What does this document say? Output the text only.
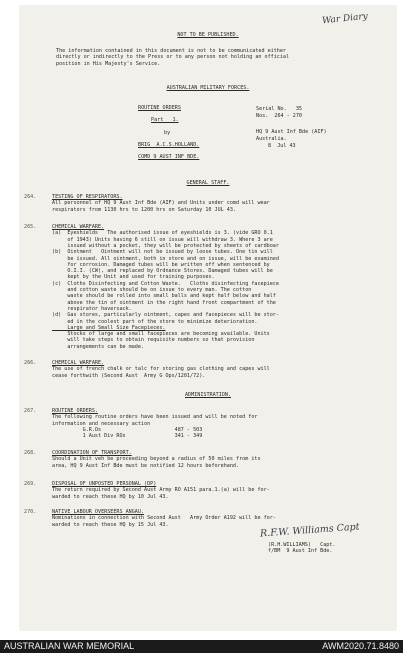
War Diary
NOT TO BE PUBLISHED.
The information contained in this document is not to be communicated either
directly or indirectly to the Press or to any person not holding an official
position in His Majesty's Service.
AUSTRALIAN MILITARY FORCES.
ROUTINE ORDERS
Part   1.
by
BRIG  A.C.S.HOLLAND.
COMD 9 AUST INF BDE.
Serial No.   35
Nos.  264 - 270
HQ 9 Aust Inf Bde (AIF)
Australia.
8  Jul 43
GENERAL STAFF.
264.	TESTING OF RESPIRATORS.
All personnel of HQ 9 Aust Inf Bde (AIF) and Units under comd will wear
respirators from 1130 hrs to 1200 hrs on Saturday 10 JUL 43.
265.	CHEMICAL WARFARE.
(a)  Eyeshields   The authorised issue of eyeshields is 3. (vide GRO 0.1
of 1943) Units having 6 still on issue will withdraw 3. Where 3 are
issued without a pocket, they will be protected by sheets of cardboar
(b)  Ointment   Ointment will not be issued by loose tubes. One tin will
be issued. All ointment, both in store and on issue, will be examined
for corrosion. Damaged tubes will be written off when sentenced by
O.I.I. (CW), and replaced by Ordnance Stores. Damaged tubes will be
kept by the Unit and used for training purposes.
(c)  Cloths Disinfecting and Cotton Waste.   Cloths disinfecting facepiece
and cotton waste should be on issue to every man. The cotton
waste should be rolled into small balls and kept half below and half
above the tin of ointment in the right hand front compartment of the
respirator haversack.
(d)  Gas stores, particularly ointment, capes and facepieces will be stor-
ed in the coolest part of the store to minimize deterioration.
Large and Small Size Facepieces.
Stocks of large and small facepieces are becoming available. Units
will take steps to obtain requisite numbers so that provision
arrangements can be made.
266.	CHEMICAL WARFARE.
The use of french chalk or talc for storing gas clothing and capes will
cease forthwith (Second Aust  Army G Ops/1201/72).
ADMINISTRATION.
267.	ROUTINE ORDERS.
The following routine orders have been issued and will be noted for
information and necessary action
G.R.Os                        487 - 503
1 Aust Div ROs                341 - 349
268.	COORDINATION OF TRANSPORT.
Should a Unit veh be proceeding beyond a radius of 50 miles from its
area, HQ 9 Aust Inf Bde must be notified 12 hours beforehand.
269.	DISPOSAL OF UNPOSTED PERSONAL (DP)
The return required by Second Aust Army RO A151 para.1.(a) will be for-
warded to reach these HQ by 10 Jul 43.
270.	NATIVE LABOUR OVERSEERS ANGAU.
Nominations in connection with Second Aust   Army Order A192 will be for-
warded to reach these HQ by 15 Jul 43.	R.F.W. Williams Capt
(R.H.WILLIAMS)   Capt.
f/BM  9 Aust Inf Bde.
AUSTRALIAN WAR MEMORIAL	AWM2020.71.8480
